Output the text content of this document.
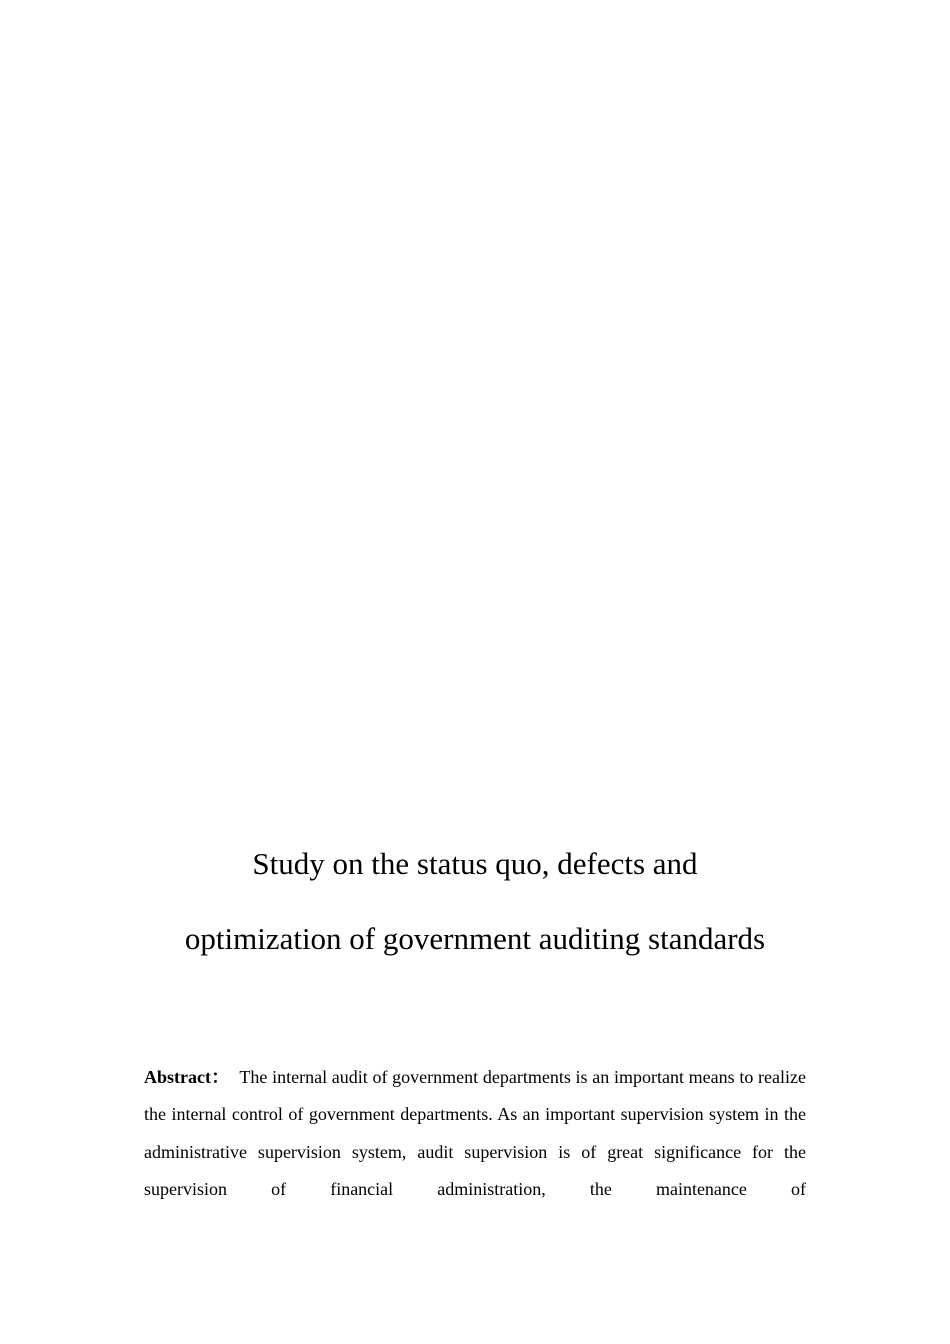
Study on the status quo, defects and
optimization of government auditing standards

Abstract： The internal audit of government departments is an important means to realize the internal control of government departments. As an important supervision system in the administrative supervision system, audit supervision is of great significance for the supervision of financial administration, the maintenance of
